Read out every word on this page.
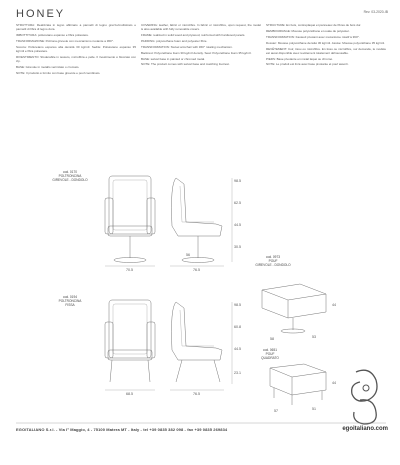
HONEY	Rev. 03-2020-IB

STRUTTURA: Realizzata in legno abbinato a pannelli di legno grezzo/multistrato e pannelli di fibra di legno dura.

IMBOTTITURA: poliuretano espanso e fibra poliestere.

TRASFORMAZIONE: Poltrona girevole con meccanismo ruotante a 360°.

Scocca: Poliuretano espanso alta densità 30 kg/m3. Sedile: Poliuretano espanso 35 kg/m3 e fibra poliestere.

RIVESTIMENTO: Sfoderabile in tessuto, microfibra e pelle. Il rivestimento è bloccato con zip.

BASE: Girevole in metallo verniciato o cromato.

NOTE: Il prodotto è fornito con base girevole e pouf coordinato.

COVERING: leather, fabric or microfibre. In fabric or microfibre, upon request, the model is also available with fully removable covers.

FRAME: realized in solid wood and plywood, reinforced with hardwood panels.

PADDING: polyurethane foam and polyester fibre.

TRANSFORMATION: Swivel armchair with 360° rotating mechanism.

Backrest: Polyurethane foam 30 kg/m3 density. Seat: Polyurethane foam 35 kg/m3.

BASE: swivel base in painted or chromed metal.

NOTE: The product comes with swivel base and matching footrest.

STRUCTURE: En bois, contreplaqué et panneaux de fibres de bois dur.

REMBOURRAGE: Mousse polyuréthane et ouate de polyester.

TRANSFORMATION: Fauteuil pivotant avec mécanisme rotatif à 360°.

Dossier: Mousse polyuréthane densité 30 kg/m3. Assise: Mousse polyuréthane 35 kg/m3.

REVÊTEMENT: Cuir, tissu ou microfibre. En tissu ou microfibre, sur demande, le modèle est aussi disponible avec revêtement totalement déhoussable.

PIEDS: Base pivotante en métal laqué ou chromé.

NOTE: Le produit est livré avec base pivotante et pouf assorti.

cod. 0170
POLTRONCINA
GIREVOLE - DONDOLO
cod. 0973
POUF
GIREVOLE - DONDOLO
cod. 0194
POLTRONCINA
FISSA
cod. 0651
POUF
QUADRATO
70.5	76.5
98.5
62.5
44.5
30.5
56
44
58	53
68.5	76.5
98.5
60.8
44.5
23.1
44
57	51
EGOITALIANO S.r.l. - Via I° Maggio, 4 - 75100 Matera MT - Italy - tel +39 0835 382 098 - fax +39 0835 269834	egoitaliano.com
